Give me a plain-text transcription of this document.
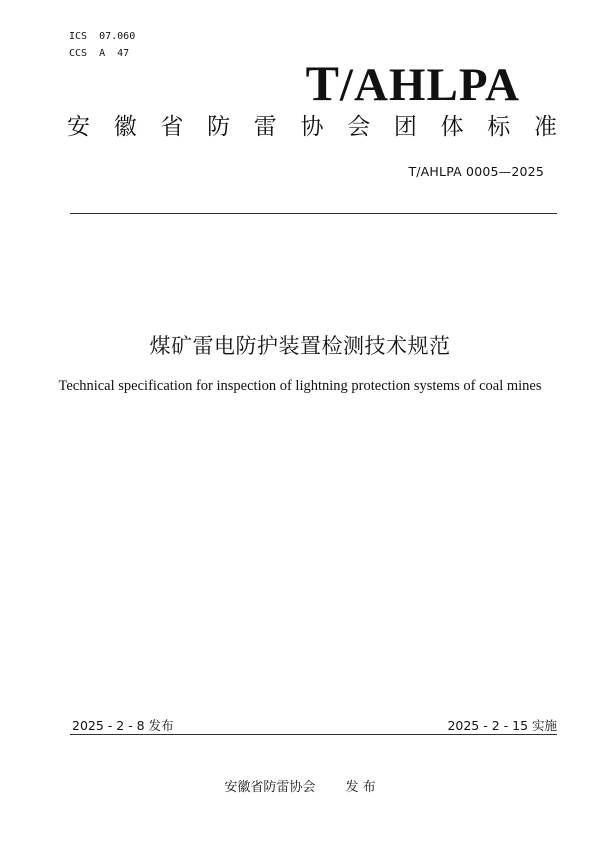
ICS  07.060
CCS  A  47
T/AHLPA
安 徽 省 防 雷 协 会 团 体 标 准
T/AHLPA 0005—2025
煤矿雷电防护装置检测技术规范
Technical specification for inspection of lightning protection systems of coal mines
2025 - 2 - 8 发布	2025 - 2 - 15 实施
安徽省防雷协会 发 布
